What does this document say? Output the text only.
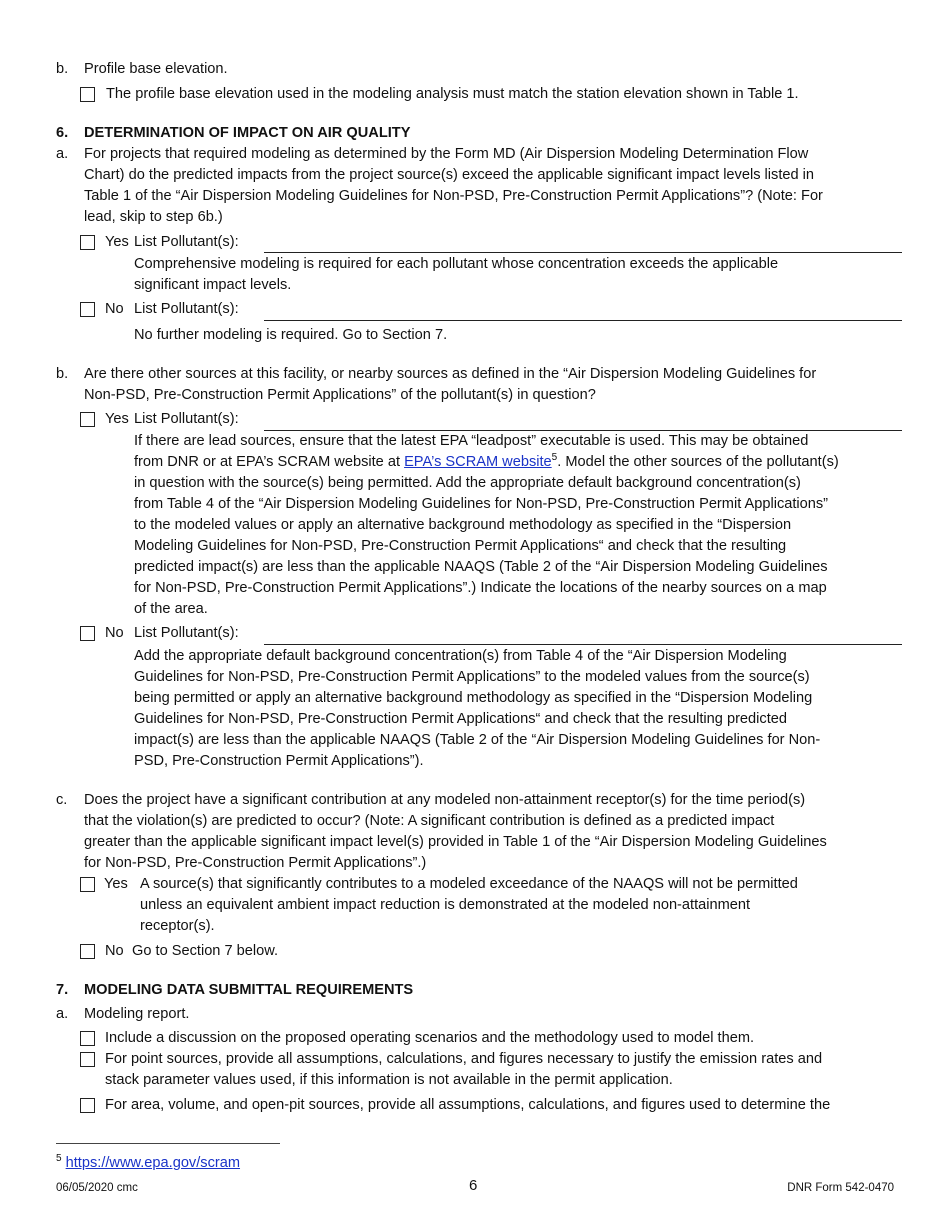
b. Profile base elevation.
The profile base elevation used in the modeling analysis must match the station elevation shown in Table 1.
6. DETERMINATION OF IMPACT ON AIR QUALITY
a. For projects that required modeling as determined by the Form MD (Air Dispersion Modeling Determination Flow
Chart) do the predicted impacts from the project source(s) exceed the applicable significant impact levels listed in
Table 1 of the “Air Dispersion Modeling Guidelines for Non-PSD, Pre-Construction Permit Applications”? (Note: For
lead, skip to step 6b.)
Yes List Pollutant(s):
Comprehensive modeling is required for each pollutant whose concentration exceeds the applicable
significant impact levels.
No List Pollutant(s):
No further modeling is required. Go to Section 7.
b. Are there other sources at this facility, or nearby sources as defined in the “Air Dispersion Modeling Guidelines for
Non-PSD, Pre-Construction Permit Applications” of the pollutant(s) in question?
Yes List Pollutant(s):
If there are lead sources, ensure that the latest EPA “leadpost” executable is used. This may be obtained
from DNR or at EPA’s SCRAM website at EPA’s SCRAM website$^5$. Model the other sources of the pollutant(s)
in question with the source(s) being permitted. Add the appropriate default background concentration(s)
from Table 4 of the “Air Dispersion Modeling Guidelines for Non-PSD, Pre-Construction Permit Applications”
to the modeled values or apply an alternative background methodology as specified in the “Dispersion
Modeling Guidelines for Non-PSD, Pre-Construction Permit Applications“ and check that the resulting
predicted impact(s) are less than the applicable NAAQS (Table 2 of the “Air Dispersion Modeling Guidelines
for Non-PSD, Pre-Construction Permit Applications”.) Indicate the locations of the nearby sources on a map
of the area.
No List Pollutant(s):
Add the appropriate default background concentration(s) from Table 4 of the “Air Dispersion Modeling
Guidelines for Non-PSD, Pre-Construction Permit Applications” to the modeled values from the source(s)
being permitted or apply an alternative background methodology as specified in the “Dispersion Modeling
Guidelines for Non-PSD, Pre-Construction Permit Applications“ and check that the resulting predicted
impact(s) are less than the applicable NAAQS (Table 2 of the “Air Dispersion Modeling Guidelines for Non-
PSD, Pre-Construction Permit Applications”).
c. Does the project have a significant contribution at any modeled non-attainment receptor(s) for the time period(s)
that the violation(s) are predicted to occur? (Note: A significant contribution is defined as a predicted impact
greater than the applicable significant impact level(s) provided in Table 1 of the “Air Dispersion Modeling Guidelines
for Non-PSD, Pre-Construction Permit Applications”.)
Yes A source(s) that significantly contributes to a modeled exceedance of the NAAQS will not be permitted
unless an equivalent ambient impact reduction is demonstrated at the modeled non-attainment
receptor(s).
No Go to Section 7 below.
7. MODELING DATA SUBMITTAL REQUIREMENTS
a. Modeling report.
Include a discussion on the proposed operating scenarios and the methodology used to model them.
For point sources, provide all assumptions, calculations, and figures necessary to justify the emission rates and
stack parameter values used, if this information is not available in the permit application.
For area, volume, and open-pit sources, provide all assumptions, calculations, and figures used to determine the
$^5$ https://www.epa.gov/scram
06/05/2020 cmc	6	DNR Form 542-0470
